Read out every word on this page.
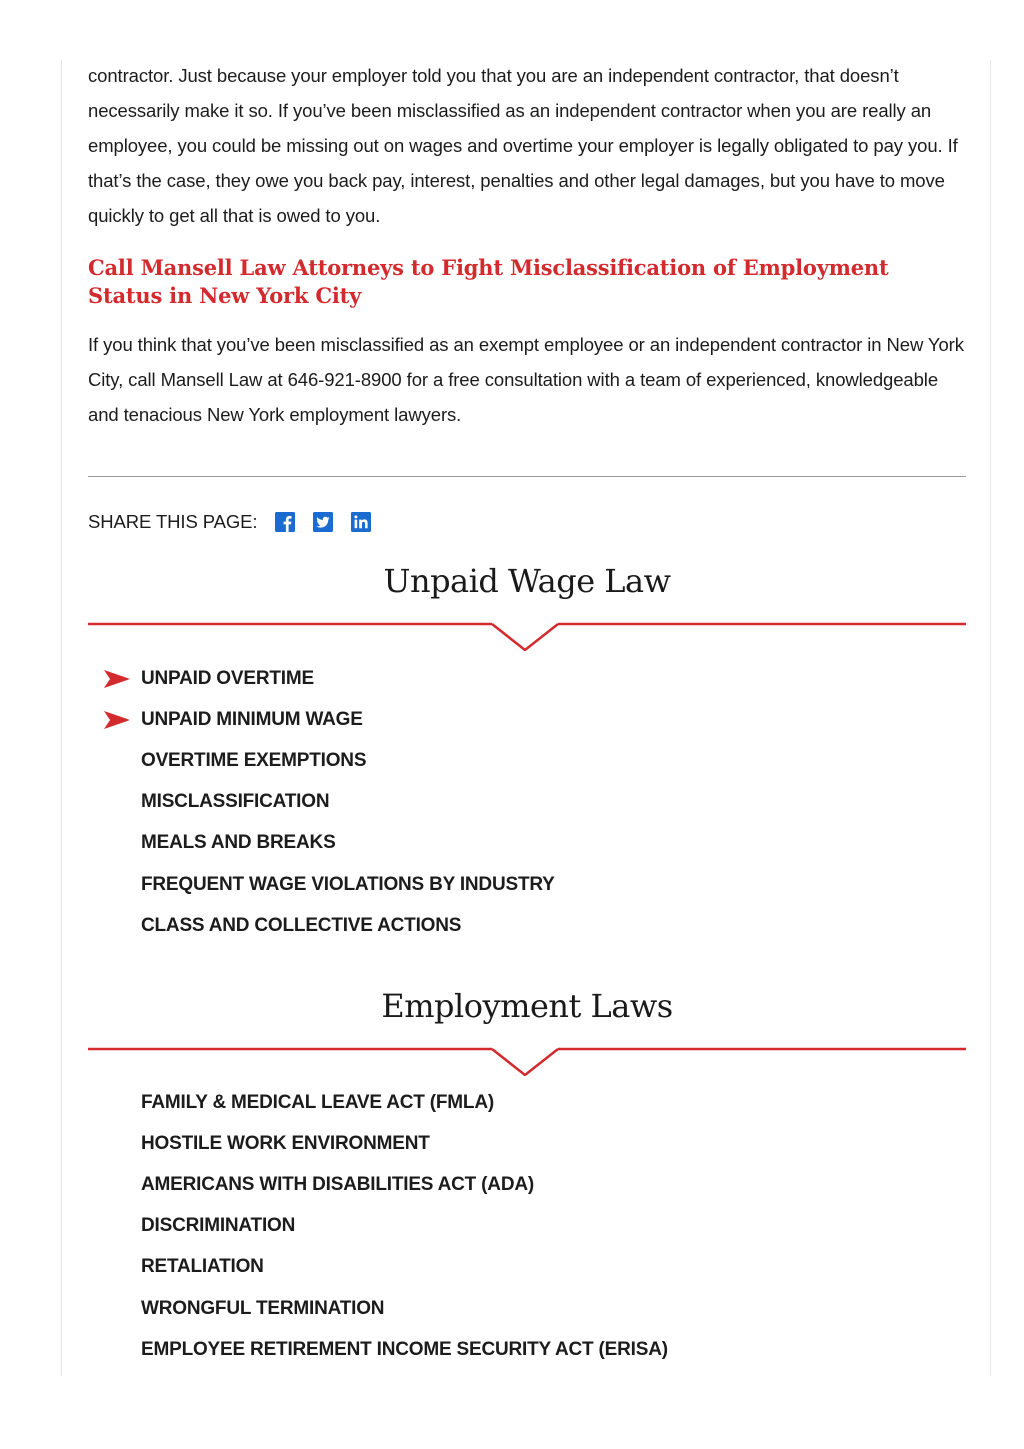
contractor. Just because your employer told you that you are an independent contractor, that doesn’t necessarily make it so. If you’ve been misclassified as an independent contractor when you are really an employee, you could be missing out on wages and overtime your employer is legally obligated to pay you. If that’s the case, they owe you back pay, interest, penalties and other legal damages, but you have to move quickly to get all that is owed to you.

Call Mansell Law Attorneys to Fight Misclassification of Employment Status in New York City

If you think that you’ve been misclassified as an exempt employee or an independent contractor in New York City, call Mansell Law at 646-921-8900 for a free consultation with a team of experienced, knowledgeable and tenacious New York employment lawyers.

SHARE THIS PAGE:
Unpaid Wage Law
UNPAID OVERTIME
UNPAID MINIMUM WAGE
OVERTIME EXEMPTIONS
MISCLASSIFICATION
MEALS AND BREAKS
FREQUENT WAGE VIOLATIONS BY INDUSTRY
CLASS AND COLLECTIVE ACTIONS
Employment Laws
FAMILY & MEDICAL LEAVE ACT (FMLA)
HOSTILE WORK ENVIRONMENT
AMERICANS WITH DISABILITIES ACT (ADA)
DISCRIMINATION
RETALIATION
WRONGFUL TERMINATION
EMPLOYEE RETIREMENT INCOME SECURITY ACT (ERISA)
